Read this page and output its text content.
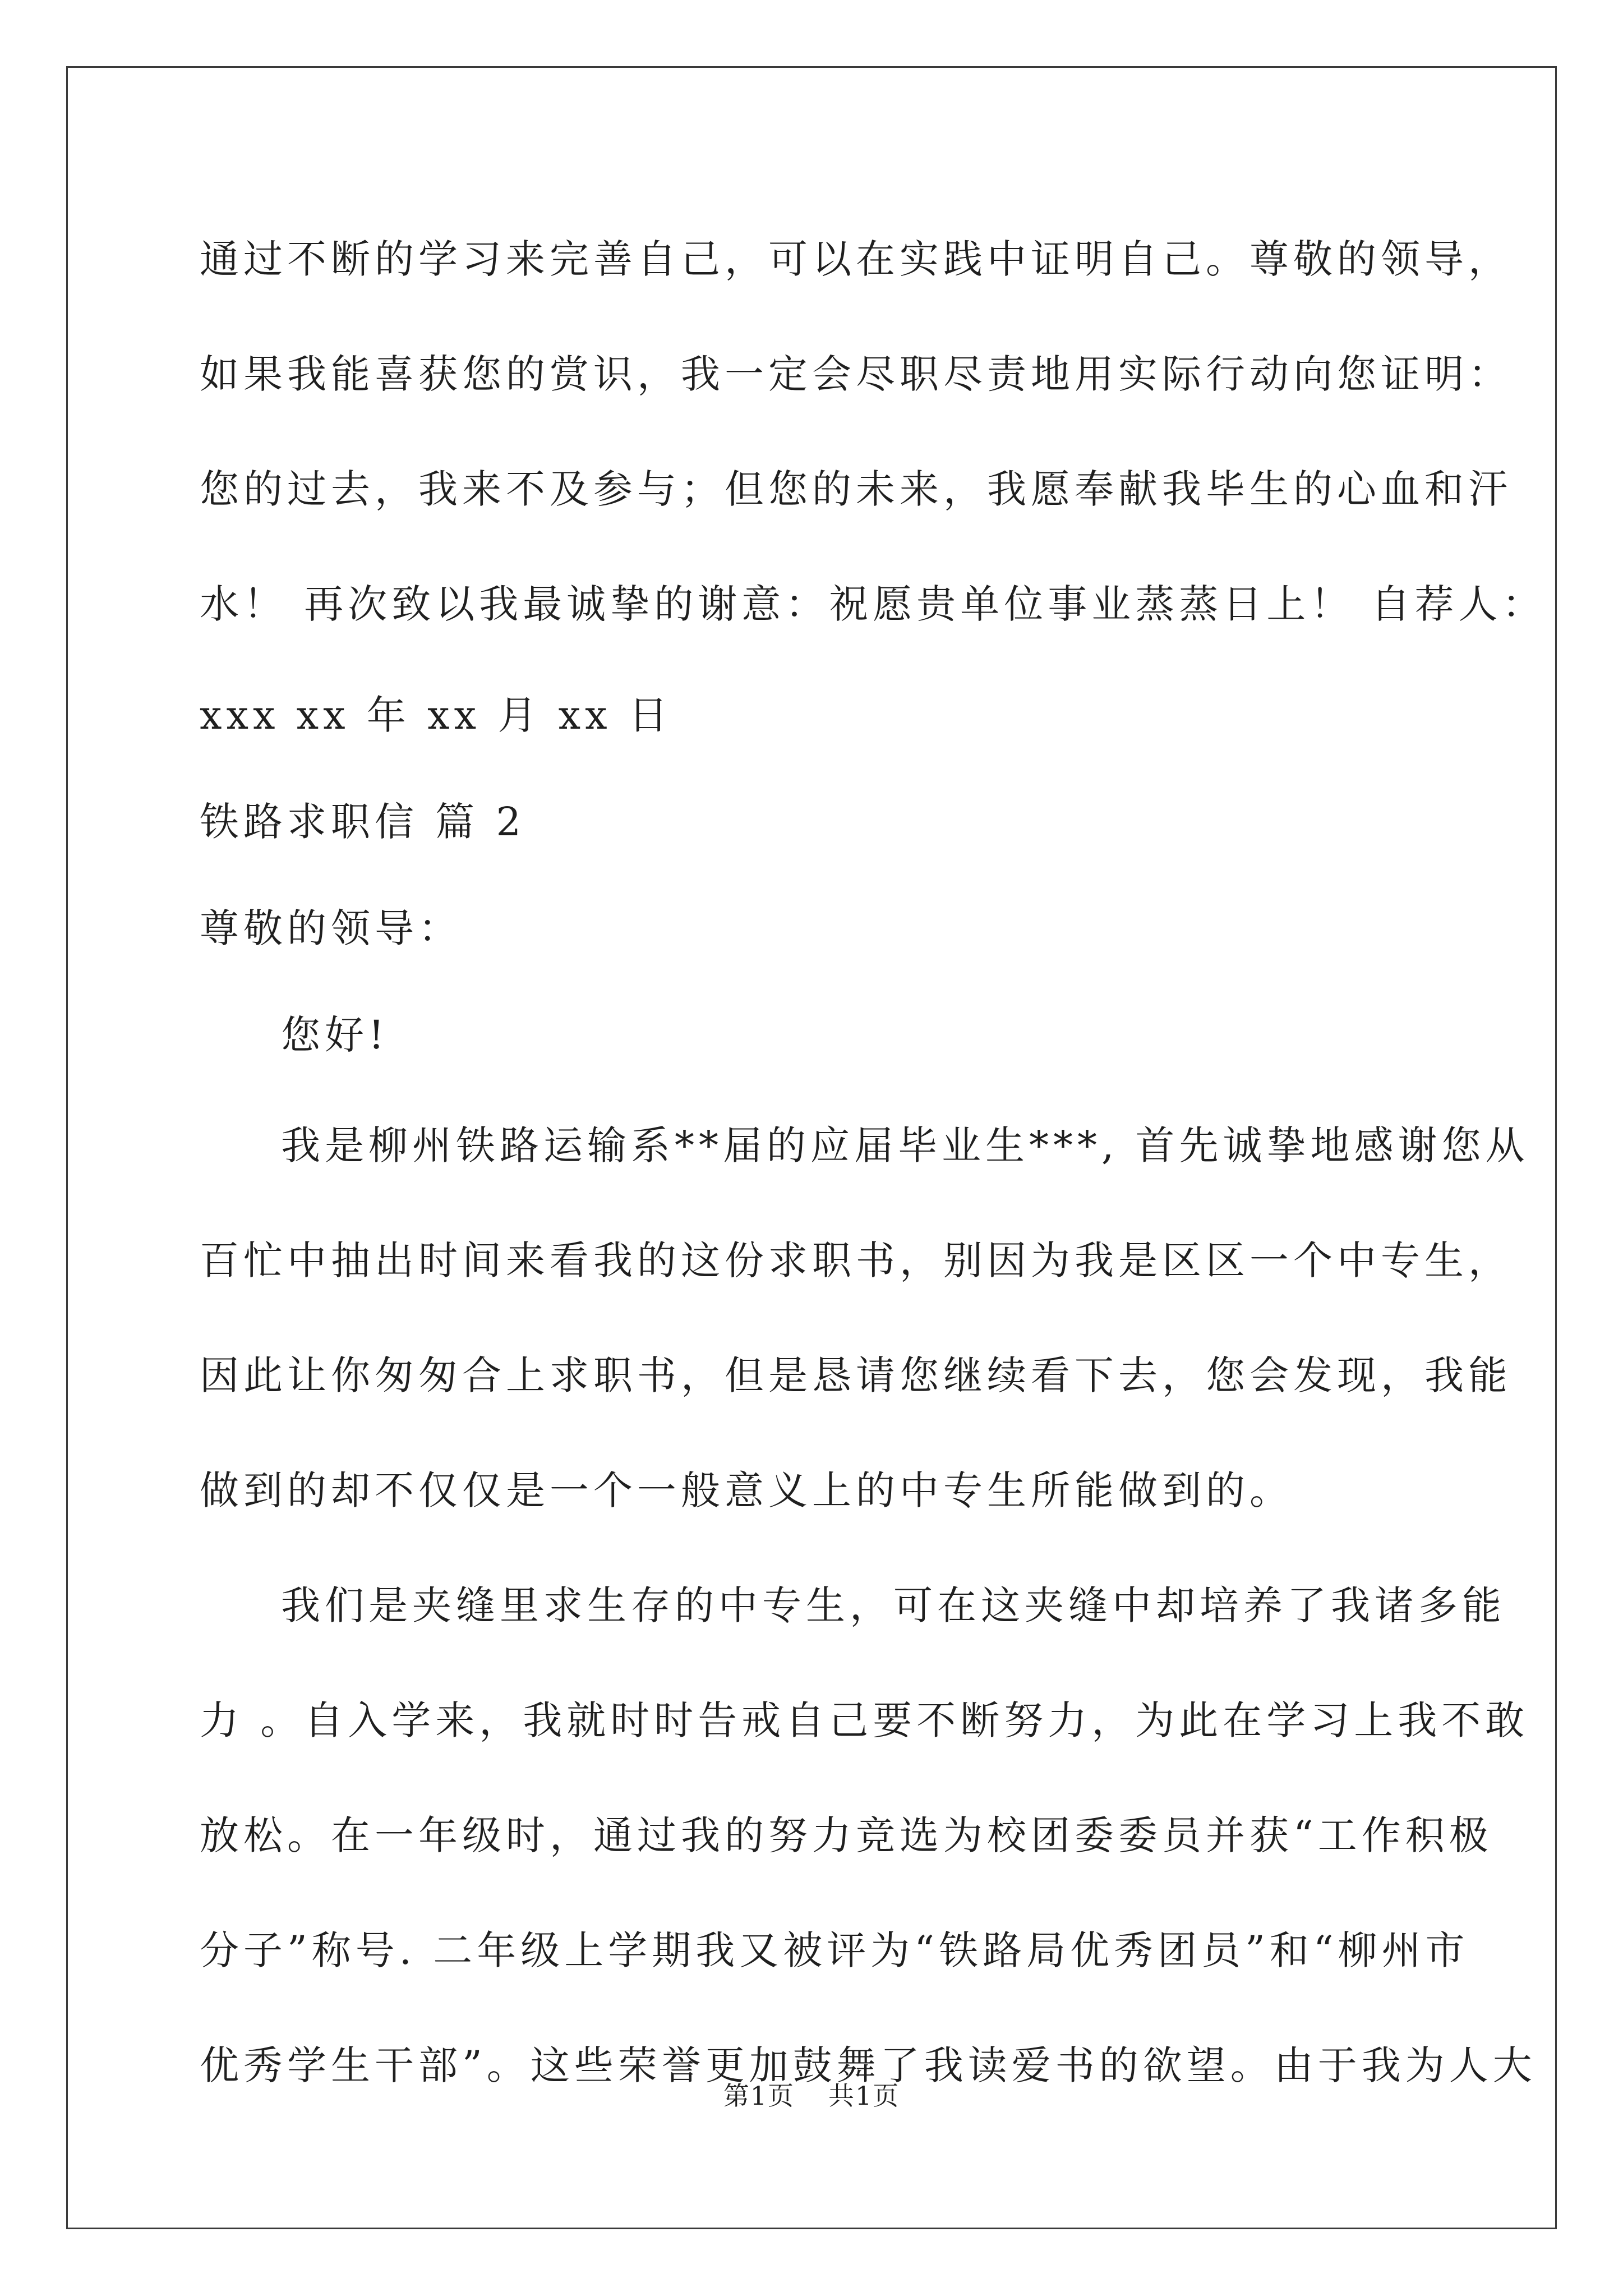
通过不断的学习来完善自己，可以在实践中证明自己。尊敬的领导，
如果我能喜获您的赏识，我一定会尽职尽责地用实际行动向您证明：
您的过去，我来不及参与；但您的未来，我愿奉献我毕生的心血和汗
水！ 再次致以我最诚挚的谢意：祝愿贵单位事业蒸蒸日上！ 自荐人：
xxx xx 年 xx 月 xx 日
铁路求职信 篇 2
尊敬的领导：
您好!
我是柳州铁路运输系**届的应届毕业生***, 首先诚挚地感谢您从
百忙中抽出时间来看我的这份求职书，别因为我是区区一个中专生，
因此让你匆匆合上求职书，但是恳请您继续看下去，您会发现，我能
做到的却不仅仅是一个一般意义上的中专生所能做到的。
我们是夹缝里求生存的中专生，可在这夹缝中却培养了我诸多能
力 。自入学来，我就时时告戒自己要不断努力，为此在学习上我不敢
放松。在一年级时，通过我的努力竞选为校团委委员并获“工作积极
分子”称号. 二年级上学期我又被评为“铁路局优秀团员”和“柳州市
优秀学生干部”。这些荣誉更加鼓舞了我读爱书的欲望。由于我为人大
第1页 共1页
